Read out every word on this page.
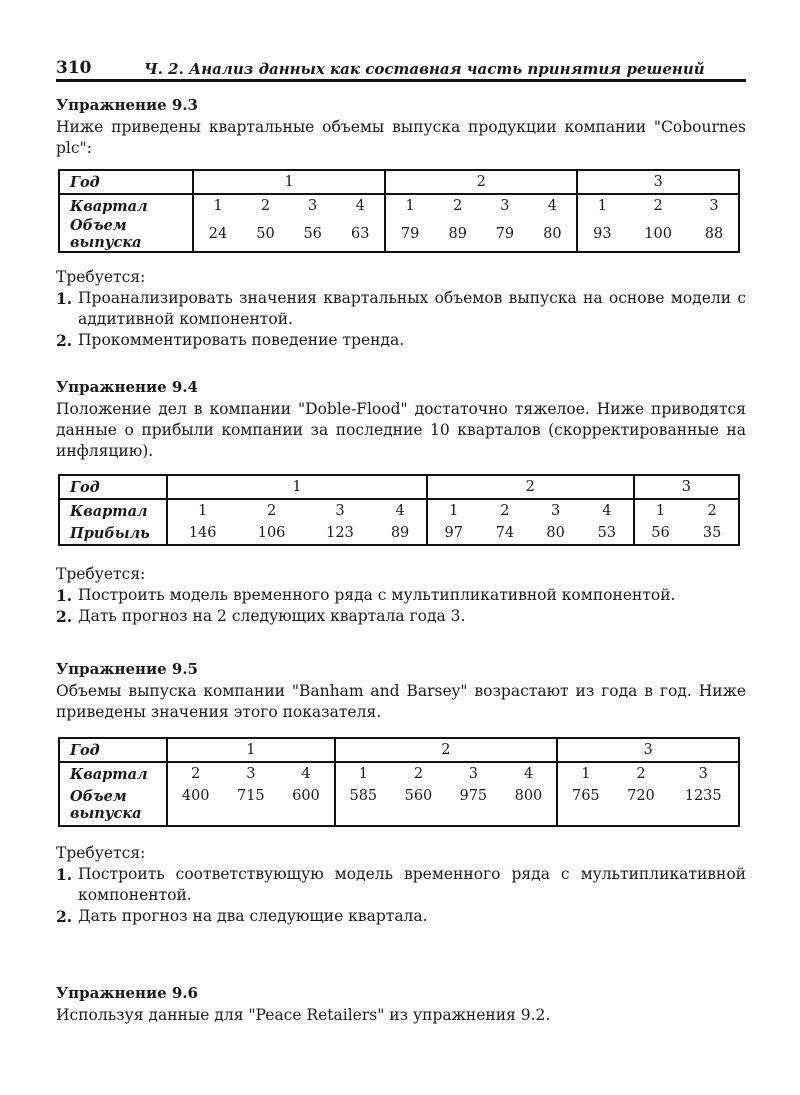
310	Ч. 2. Анализ данных как составная часть принятия решений

Упражнение 9.3

Ниже приведены квартальные объемы выпуска продукции компании "Cobournes plc":

Год	1				2				3		
Квартал	1	2	3	4	1	2	3	4	1	2	3
Объем выпуска	24	50	56	63	79	89	79	80	93	100	88

Требуется:

1. Проанализировать значения квартальных объемов выпуска на основе модели с аддитивной компонентой.
2. Прокомментировать поведение тренда.

Упражнение 9.4

Положение дел в компании "Doble-Flood" достаточно тяжелое. Ниже приводятся данные о прибыли компании за последние 10 кварталов (скорректированные на инфляцию).

Год	1				2				3	
Квартал	1	2	3	4	1	2	3	4	1	2
Прибыль	146	106	123	89	97	74	80	53	56	35

Требуется:

1. Построить модель временного ряда с мультипликативной компонентой.
2. Дать прогноз на 2 следующих квартала года 3.

Упражнение 9.5

Объемы выпуска компании "Banham and Barsey" возрастают из года в год. Ниже приведены значения этого показателя.

Год	1			2				3		
Квартал	2	3	4	1	2	3	4	1	2	3
Объем
выпуска	400	715	600	585	560	975	800	765	720	1235

Требуется:

1. Построить соответствующую модель временного ряда с мультипликативной компонентой.
2. Дать прогноз на два следующие квартала.

Упражнение 9.6

Используя данные для "Peace Retailers" из упражнения 9.2.
